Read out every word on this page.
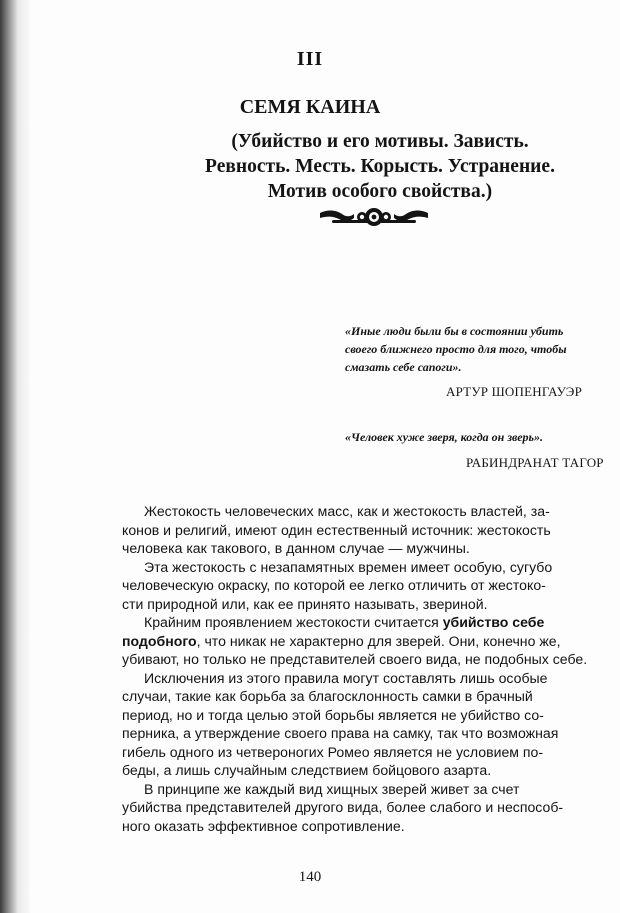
III
СЕМЯ КАИНА
(Убийство и его мотивы. Зависть.
Ревность. Месть. Корысть. Устранение.
Мотив особого свойства.)
«Иные люди были бы в состоянии убить
своего ближнего просто для того, чтобы
смазать себе сапоги».
АРТУР ШОПЕНГАУЭР
«Человек хуже зверя, когда он зверь».
РАБИНДРАНАТ ТАГОР
Жестокость человеческих масс, как и жестокость властей, за-
конов и религий, имеют один естественный источник: жестокость
человека как такового, в данном случае — мужчины.
Эта жестокость с незапамятных времен имеет особую, сугубо
человеческую окраску, по которой ее легко отличить от жестоко-
сти природной или, как ее принято называть, звериной.
Крайним проявлением жестокости считается убийство себе
подобного, что никак не характерно для зверей. Они, конечно же,
убивают, но только не представителей своего вида, не подобных себе.
Исключения из этого правила могут составлять лишь особые
случаи, такие как борьба за благосклонность самки в брачный
период, но и тогда целью этой борьбы является не убийство со-
перника, а утверждение своего права на самку, так что возможная
гибель одного из четвероногих Ромео является не условием по-
беды, а лишь случайным следствием бойцового азарта.
В принципе же каждый вид хищных зверей живет за счет
убийства представителей другого вида, более слабого и неспособ-
ного оказать эффективное сопротивление.
140
